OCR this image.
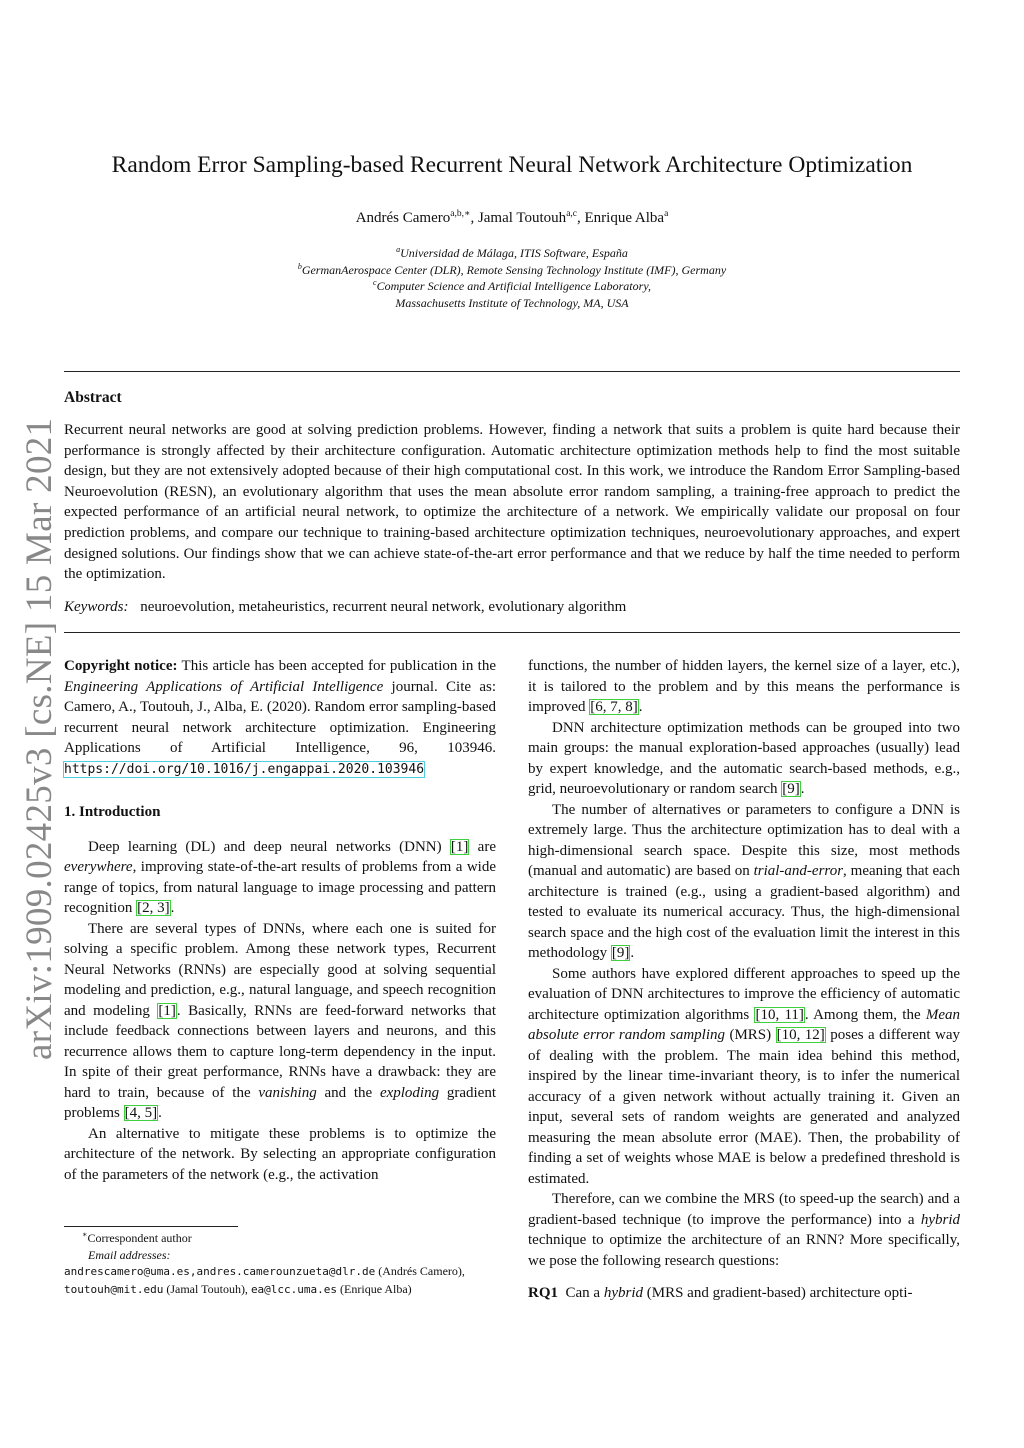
arXiv:1909.02425v3 [cs.NE] 15 Mar 2021
Random Error Sampling-based Recurrent Neural Network Architecture Optimization
Andrés Camero$^{a,b,∗}$, Jamal Toutouh$^{a,c}$, Enrique Alba$^a$
$^a$Universidad de Málaga, ITIS Software, España
$^b$GermanAerospace Center (DLR), Remote Sensing Technology Institute (IMF), Germany
$^c$Computer Science and Artificial Intelligence Laboratory,
Massachusetts Institute of Technology, MA, USA
Abstract

Recurrent neural networks are good at solving prediction problems. However, finding a network that suits a problem is quite hard because their performance is strongly affected by their architecture configuration. Automatic architecture optimization methods help to find the most suitable design, but they are not extensively adopted because of their high computational cost. In this work, we introduce the Random Error Sampling-based Neuroevolution (RESN), an evolutionary algorithm that uses the mean absolute error random sampling, a training-free approach to predict the expected performance of an artificial neural network, to optimize the architecture of a network. We empirically validate our proposal on four prediction problems, and compare our technique to training-based architecture optimization techniques, neuroevolutionary approaches, and expert designed solutions. Our findings show that we can achieve state-of-the-art error performance and that we reduce by half the time needed to perform the optimization.

Keywords: neuroevolution, metaheuristics, recurrent neural network, evolutionary algorithm

Copyright notice: This article has been accepted for publication in the Engineering Applications of Artificial Intelligence journal. Cite as: Camero, A., Toutouh, J., Alba, E. (2020). Random error sampling-based recurrent neural network architecture optimization. Engineering Applications of Artificial Intelligence, 96, 103946. https://doi.org/10.1016/j.engappai.2020.103946

1. Introduction

Deep learning (DL) and deep neural networks (DNN) [1] are everywhere, improving state-of-the-art results of problems from a wide range of topics, from natural language to image processing and pattern recognition [2, 3].

There are several types of DNNs, where each one is suited for solving a specific problem. Among these network types, Recurrent Neural Networks (RNNs) are especially good at solving sequential modeling and prediction, e.g., natural language, and speech recognition and modeling [1]. Basically, RNNs are feed-forward networks that include feedback connections between layers and neurons, and this recurrence allows them to capture long-term dependency in the input. In spite of their great performance, RNNs have a drawback: they are hard to train, because of the vanishing and the exploding gradient problems [4, 5].

An alternative to mitigate these problems is to optimize the architecture of the network. By selecting an appropriate configuration of the parameters of the network (e.g., the activation

∗Correspondent author

Email addresses:

andrescamero@uma.es,andres.camerounzueta@dlr.de (Andrés Camero), toutouh@mit.edu (Jamal Toutouh), ea@lcc.uma.es (Enrique Alba)

functions, the number of hidden layers, the kernel size of a layer, etc.), it is tailored to the problem and by this means the performance is improved [6, 7, 8].

DNN architecture optimization methods can be grouped into two main groups: the manual exploration-based approaches (usually) lead by expert knowledge, and the automatic search-based methods, e.g., grid, neuroevolutionary or random search [9].

The number of alternatives or parameters to configure a DNN is extremely large. Thus the architecture optimization has to deal with a high-dimensional search space. Despite this size, most methods (manual and automatic) are based on trial-and-error, meaning that each architecture is trained (e.g., using a gradient-based algorithm) and tested to evaluate its numerical accuracy. Thus, the high-dimensional search space and the high cost of the evaluation limit the interest in this methodology [9].

Some authors have explored different approaches to speed up the evaluation of DNN architectures to improve the efficiency of automatic architecture optimization algorithms [10, 11]. Among them, the Mean absolute error random sampling (MRS) [10, 12] poses a different way of dealing with the problem. The main idea behind this method, inspired by the linear time-invariant theory, is to infer the numerical accuracy of a given network without actually training it. Given an input, several sets of random weights are generated and analyzed measuring the mean absolute error (MAE). Then, the probability of finding a set of weights whose MAE is below a predefined threshold is estimated.

Therefore, can we combine the MRS (to speed-up the search) and a gradient-based technique (to improve the performance) into a hybrid technique to optimize the architecture of an RNN? More specifically, we pose the following research questions:

RQ1 Can a hybrid (MRS and gradient-based) architecture opti-
